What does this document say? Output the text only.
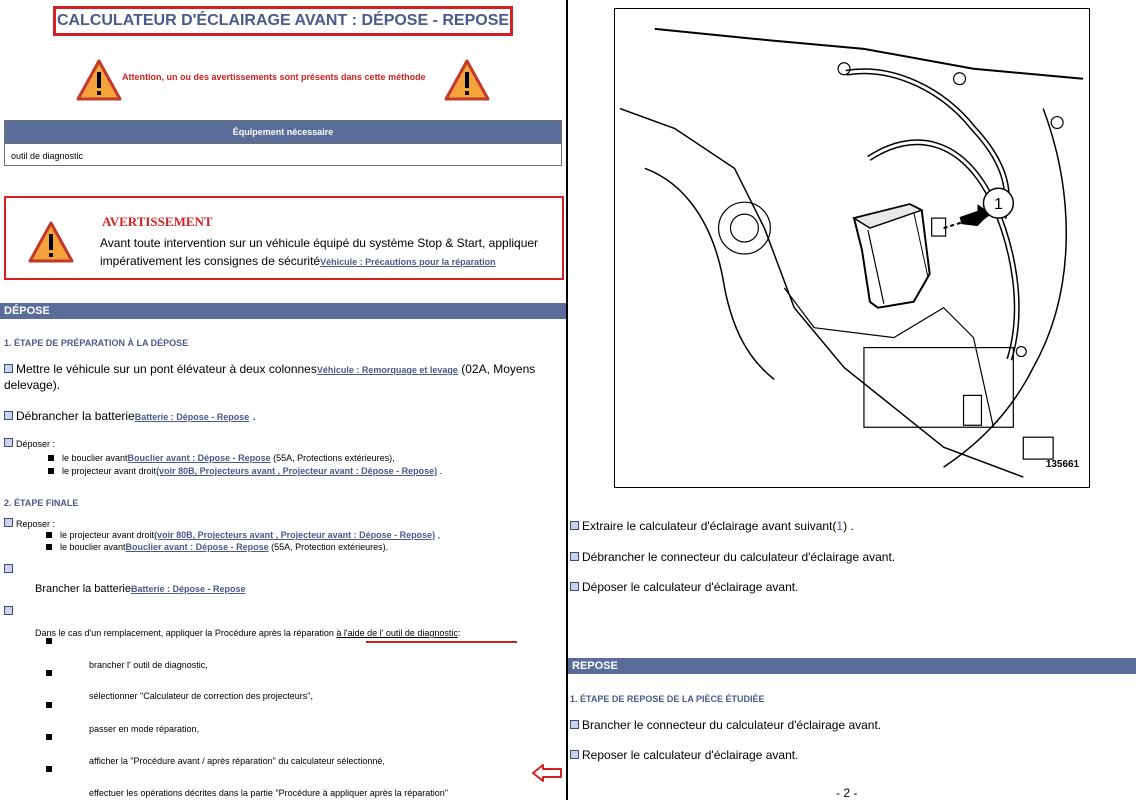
CALCULATEUR D'ÉCLAIRAGE AVANT : DÉPOSE - REPOSE
Attention, un ou des avertissements sont présents dans cette méthode
Équipement nécessaire
outil de diagnostic
AVERTISSEMENT
Avant toute intervention sur un véhicule équipé du système Stop & Start, appliquer
impérativement les consignes de sécuritéVéhicule : Précautions pour la réparation
DÉPOSE
1. ÉTAPE DE PRÉPARATION À LA DÉPOSE
Mettre le véhicule sur un pont élévateur à deux colonnesVéhicule : Remorquage et levage (02A, Moyens
delevage).
Débrancher la batterieBatterie : Dépose - Repose .
Déposer :
le bouclier avantBouclier avant : Dépose - Repose (55A, Protections extérieures),
le projecteur avant droit(voir 80B, Projecteurs avant , Projecteur avant : Dépose - Repose) .
2. ÉTAPE FINALE
Reposer :
le projecteur avant droit(voir 80B, Projecteurs avant , Projecteur avant : Dépose - Repose) ,
le bouclier avantBouclier avant : Dépose - Repose (55A, Protection extérieures).
Brancher la batterieBatterie : Dépose - Repose
Dans le cas d'un remplacement, appliquer la Procédure après la réparation à l'aide de l' outil de diagnostic:
brancher l' outil de diagnostic,
sélectionner "Calculateur de correction des projecteurs",
passer en mode réparation,
afficher la "Procédure avant / après réparation" du calculateur sélectionné,
effectuer les opérations décrites dans la partie "Procédure à appliquer après la réparation"
1
135661
Extraire le calculateur d'éclairage avant suivant(1) .
Débrancher le connecteur du calculateur d'éclairage avant.
Déposer le calculateur d'éclairage avant.
REPOSE
1. ÉTAPE DE REPOSE DE LA PIÈCE ÉTUDIÉE
Brancher le connecteur du calculateur d'éclairage avant.
Reposer le calculateur d'éclairage avant.
- 2 -
